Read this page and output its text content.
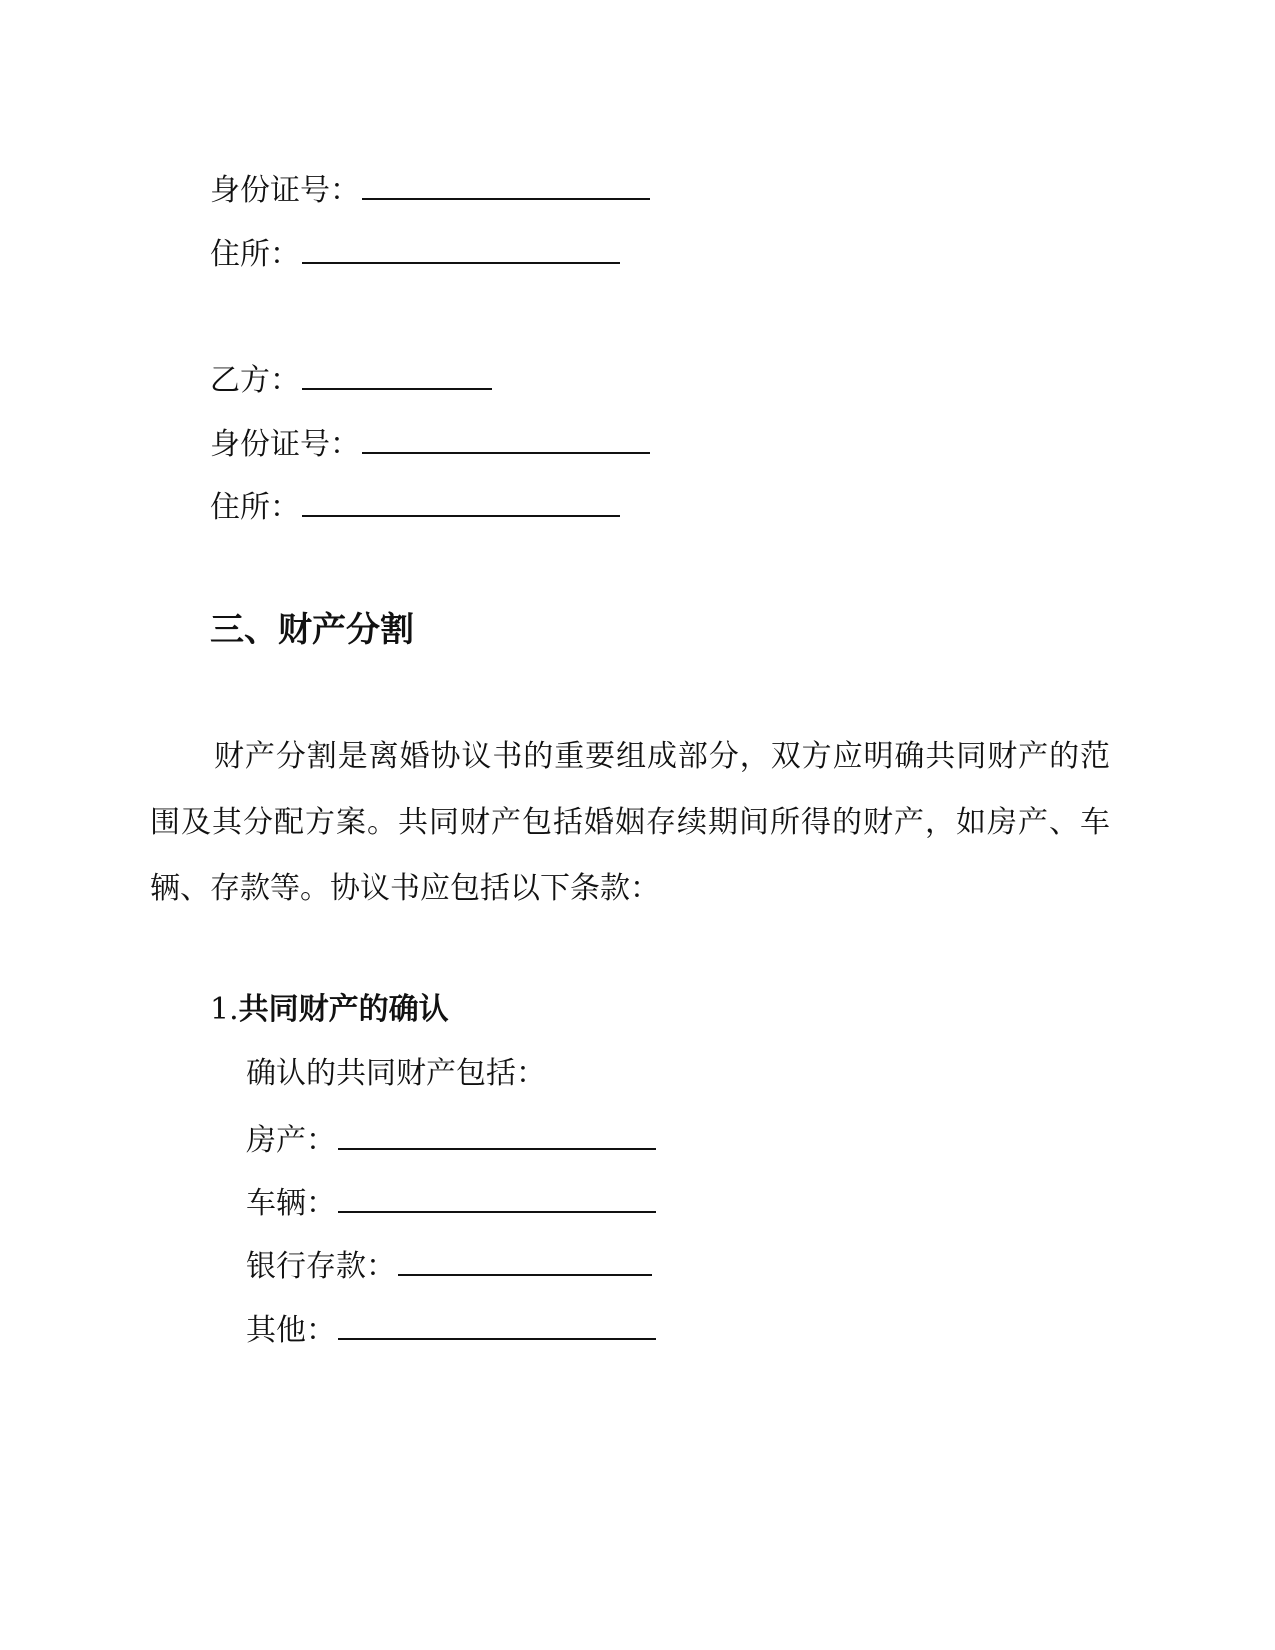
身份证号：
住所：
乙方：
身份证号：
住所：
三、财产分割
财产分割是离婚协议书的重要组成部分，双方应明确共同财产的范围及其分配方案。共同财产包括婚姻存续期间所得的财产，如房产、车辆、存款等。协议书应包括以下条款：
1.共同财产的确认
确认的共同财产包括：
房产：
车辆：
银行存款：
其他：
